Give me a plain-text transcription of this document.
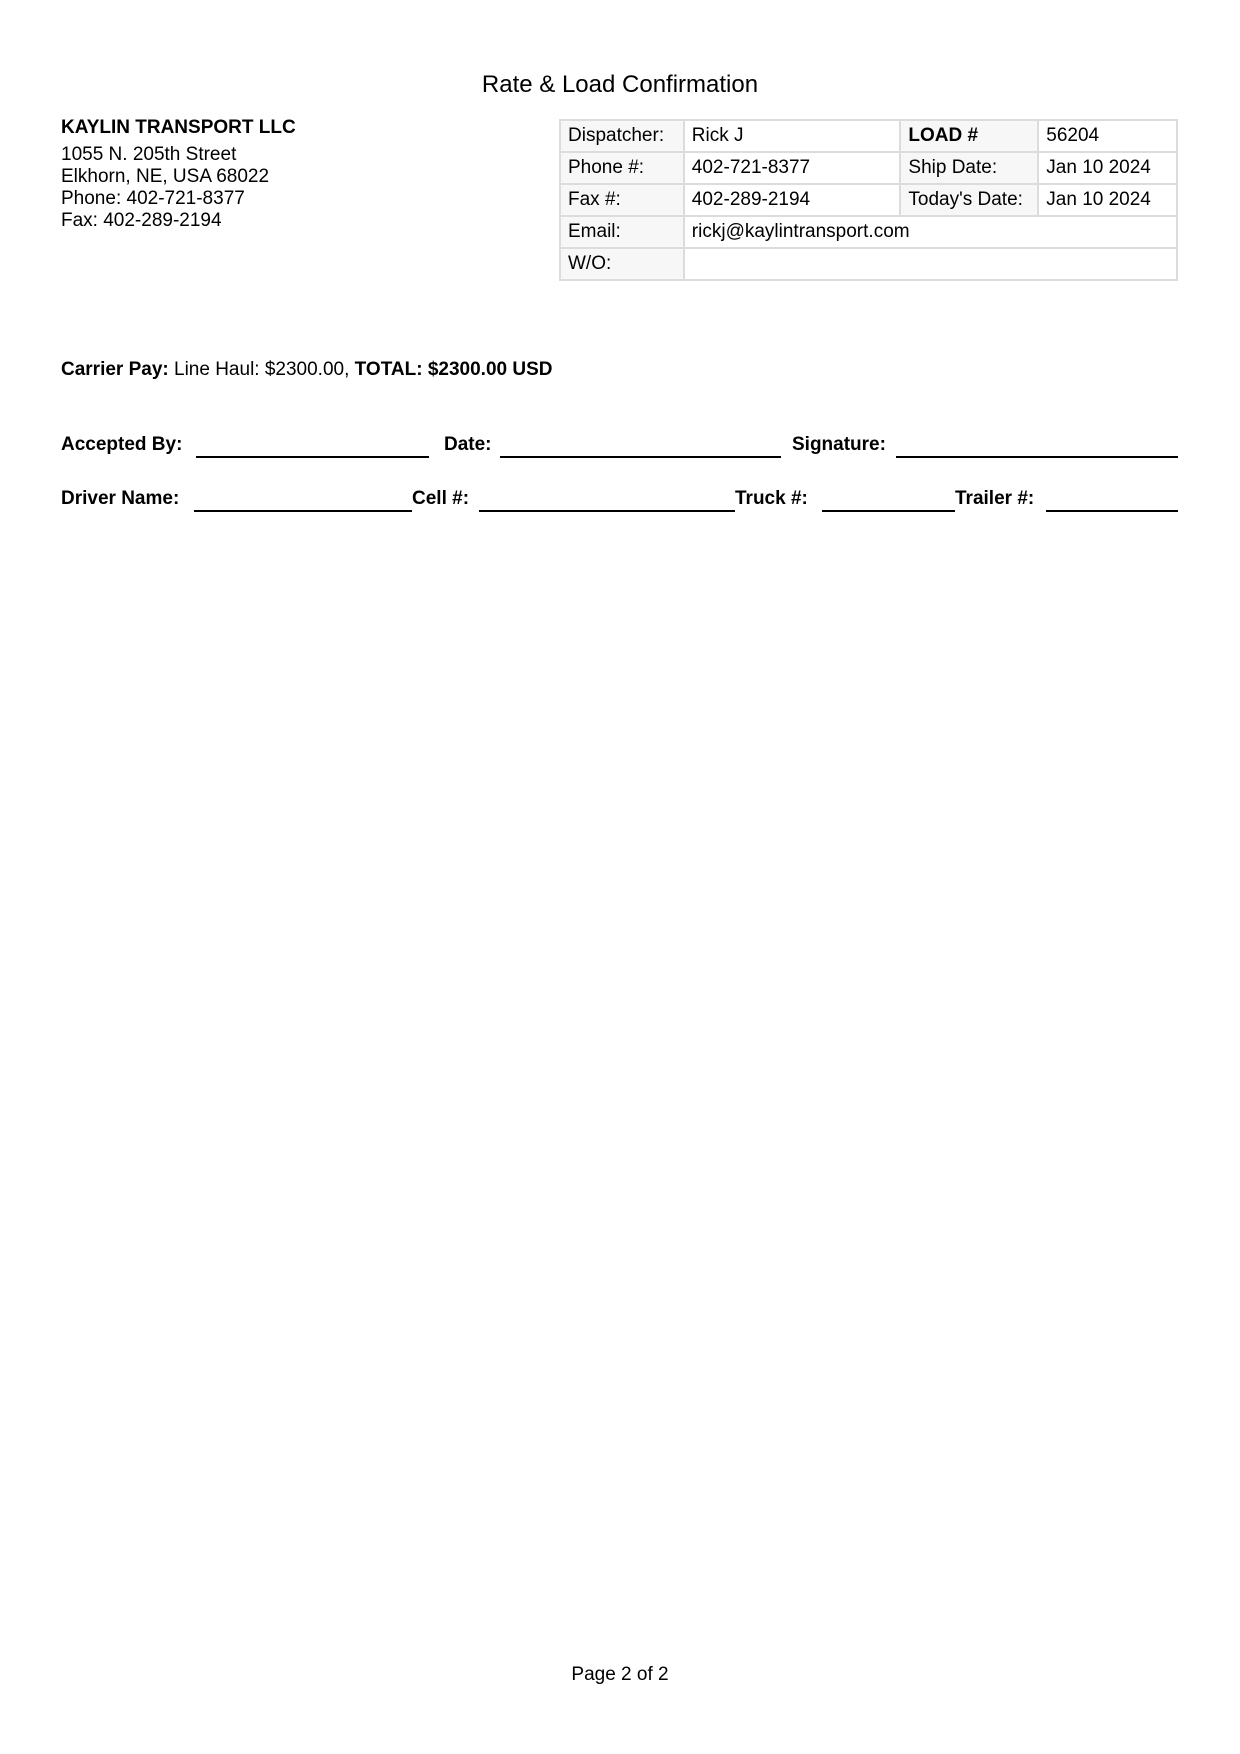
Rate & Load Confirmation
KAYLIN TRANSPORT LLC
1055 N. 205th Street
Elkhorn, NE, USA 68022
Phone: 402-721-8377
Fax: 402-289-2194
Dispatcher:	Rick J	LOAD #	56204
Phone #:	402-721-8377	Ship Date:	Jan 10 2024
Fax #:	402-289-2194	Today's Date:	Jan 10 2024
Email:	rickj@kaylintransport.com		
W/O:			
Carrier Pay: Line Haul: $2300.00, TOTAL: $2300.00 USD
Accepted By:	Date:	Signature:
Driver Name:	Cell #:	Truck #:	Trailer #:
Page 2 of 2
